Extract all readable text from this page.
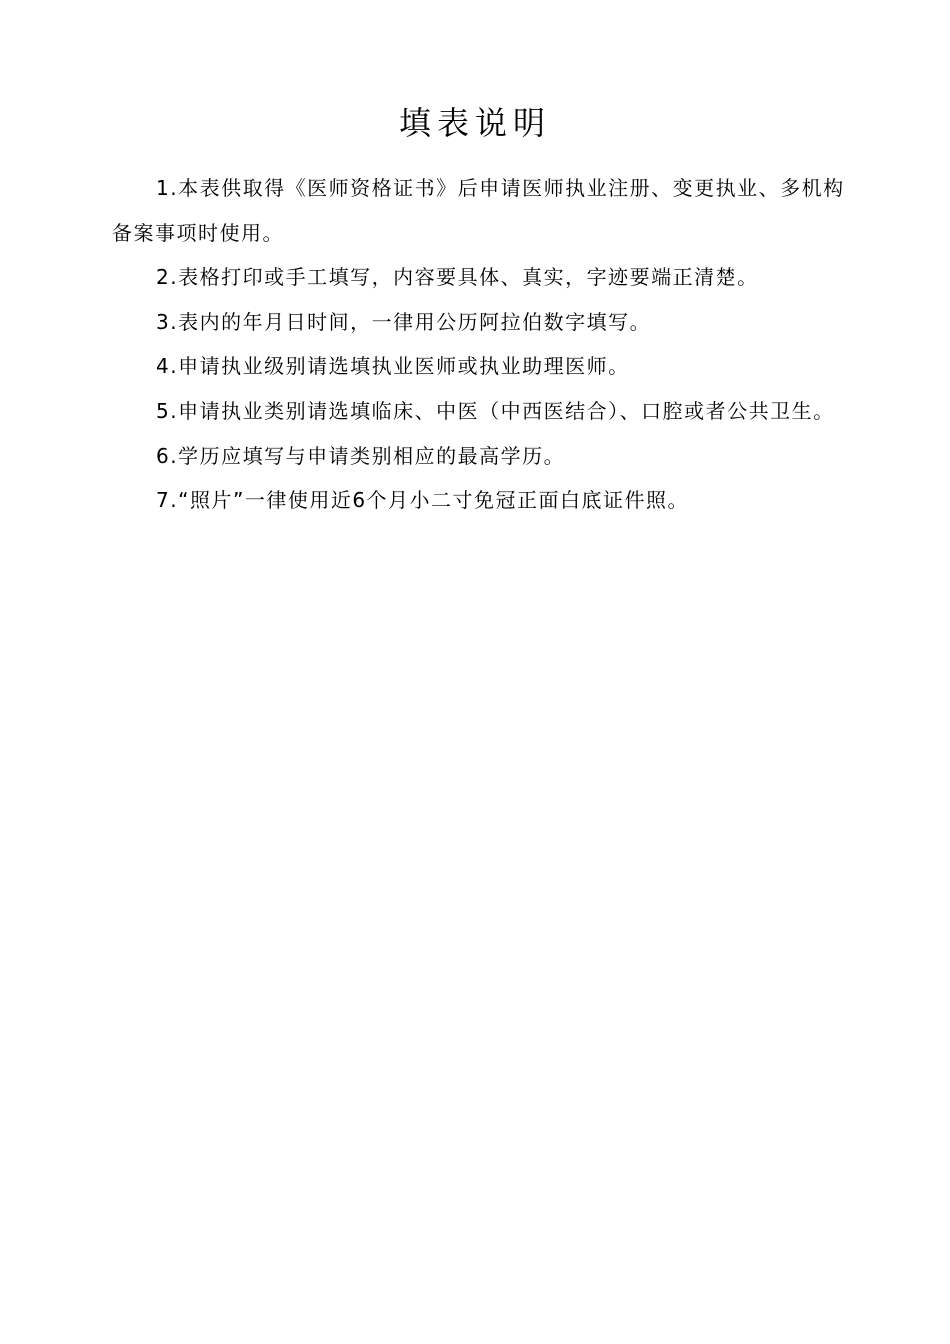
填表说明
1.本表供取得《医师资格证书》后申请医师执业注册、变更执业、多机构备案事项时使用。
2.表格打印或手工填写，内容要具体、真实，字迹要端正清楚。
3.表内的年月日时间，一律用公历阿拉伯数字填写。
4.申请执业级别请选填执业医师或执业助理医师。
5.申请执业类别请选填临床、中医（中西医结合）、口腔或者公共卫生。
6.学历应填写与申请类别相应的最高学历。
7.“照片”一律使用近6个月小二寸免冠正面白底证件照。
